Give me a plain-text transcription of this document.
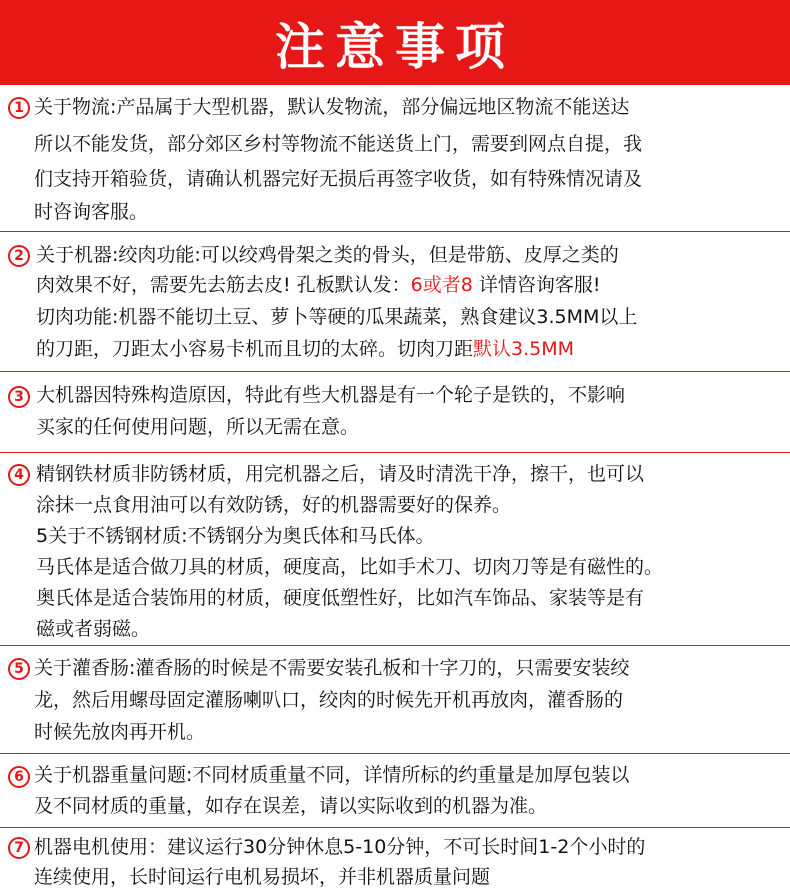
注意事项
1 关于物流:产品属于大型机器，默认发物流，部分偏远地区物流不能送达
所以不能发货，部分郊区乡村等物流不能送货上门，需要到网点自提，我
们支持开箱验货，请确认机器完好无损后再签字收货，如有特殊情况请及
时咨询客服。
2 关于机器:绞肉功能:可以绞鸡骨架之类的骨头，但是带筋、皮厚之类的
肉效果不好，需要先去筋去皮! 孔板默认发：6或者8 详情咨询客服!
切肉功能:机器不能切土豆、萝卜等硬的瓜果蔬菜，熟食建议3.5MM以上
的刀距，刀距太小容易卡机而且切的太碎。切肉刀距默认3.5MM
3 大机器因特殊构造原因，特此有些大机器是有一个轮子是铁的，不影响
买家的任何使用问题，所以无需在意。
4 精钢铁材质非防锈材质，用完机器之后，请及时清洗干净，擦干，也可以
涂抹一点食用油可以有效防锈，好的机器需要好的保养。
5关于不锈钢材质:不锈钢分为奥氏体和马氏体。
马氏体是适合做刀具的材质，硬度高，比如手术刀、切肉刀等是有磁性的。
奥氏体是适合装饰用的材质，硬度低塑性好，比如汽车饰品、家装等是有
磁或者弱磁。
5 关于灌香肠:灌香肠的时候是不需要安装孔板和十字刀的，只需要安装绞
龙，然后用螺母固定灌肠喇叭口，绞肉的时候先开机再放肉，灌香肠的
时候先放肉再开机。
6 关于机器重量问题:不同材质重量不同，详情所标的约重量是加厚包装以
及不同材质的重量，如存在误差，请以实际收到的机器为准。
7 机器电机使用：建议运行30分钟休息5-10分钟，不可长时间1-2个小时的
连续使用，长时间运行电机易损坏，并非机器质量问题
